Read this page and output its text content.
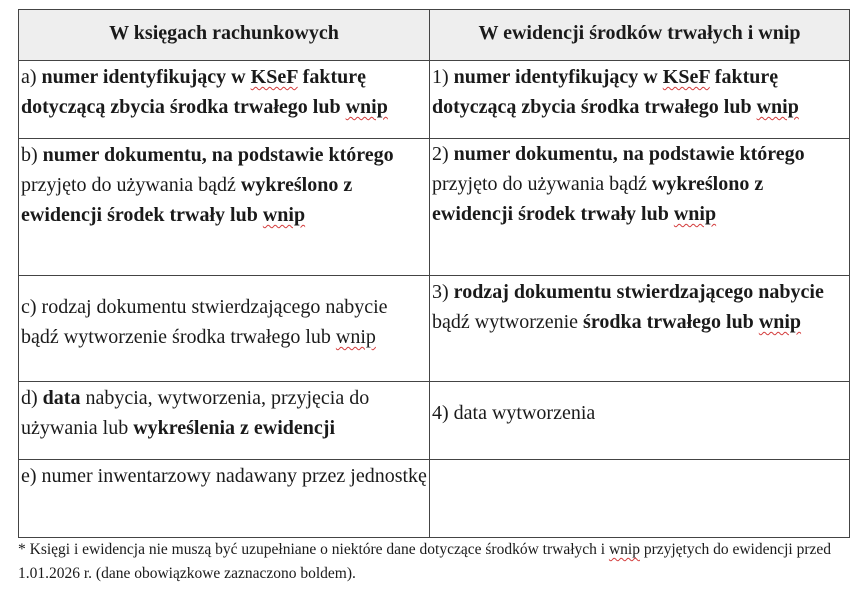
W księgach rachunkowych	W ewidencji środków trwałych i wnip

a) numer identyfikujący w KSeF fakturę dotyczącą zbycia środka trwałego lub wnip	1) numer identyfikujący w KSeF fakturę dotyczącą zbycia środka trwałego lub wnip

b) numer dokumentu, na podstawie którego przyjęto do używania bądź wykreślono z ewidencji środek trwały lub wnip	2) numer dokumentu, na podstawie którego przyjęto do używania bądź wykreślono z ewidencji środek trwały lub wnip

c) rodzaj dokumentu stwierdzającego nabycie bądź wytworzenie środka trwałego lub wnip	3) rodzaj dokumentu stwierdzającego nabycie bądź wytworzenie środka trwałego lub wnip

d) data nabycia, wytworzenia, przyjęcia do używania lub wykreślenia z ewidencji	4) data wytworzenia

e) numer inwentarzowy nadawany przez jednostkę	

* Księgi i ewidencja nie muszą być uzupełniane o niektóre dane dotyczące środków trwałych i wnip przyjętych do ewidencji przed 1.01.2026 r. (dane obowiązkowe zaznaczono boldem).
